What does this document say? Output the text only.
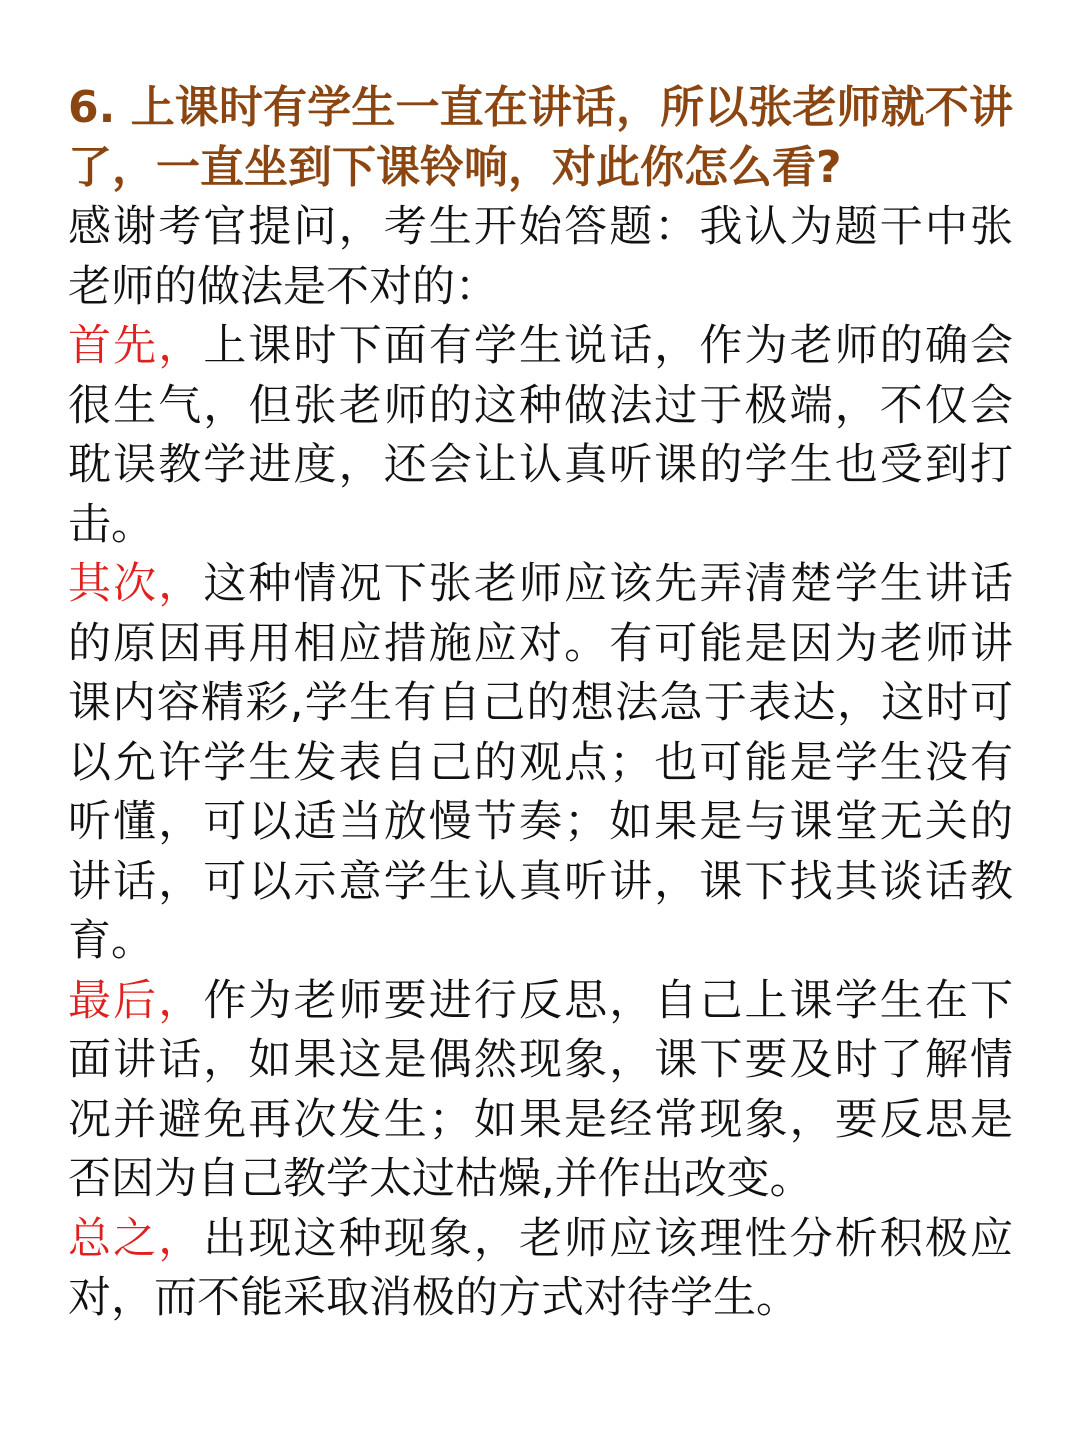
6. 上课时有学生一直在讲话，所以张老师就不讲了，一直坐到下课铃响，对此你怎么看?

感谢考官提问，考生开始答题：我认为题干中张老师的做法是不对的：

首先，上课时下面有学生说话，作为老师的确会很生气，但张老师的这种做法过于极端，不仅会耽误教学进度，还会让认真听课的学生也受到打击。

其次，这种情况下张老师应该先弄清楚学生讲话的原因再用相应措施应对。有可能是因为老师讲课内容精彩,学生有自己的想法急于表达，这时可以允许学生发表自己的观点；也可能是学生没有听懂，可以适当放慢节奏；如果是与课堂无关的讲话，可以示意学生认真听讲，课下找其谈话教育。

最后，作为老师要进行反思，自己上课学生在下面讲话，如果这是偶然现象，课下要及时了解情况并避免再次发生；如果是经常现象，要反思是否因为自己教学太过枯燥,并作出改变。

总之，出现这种现象，老师应该理性分析积极应对，而不能采取消极的方式对待学生。
